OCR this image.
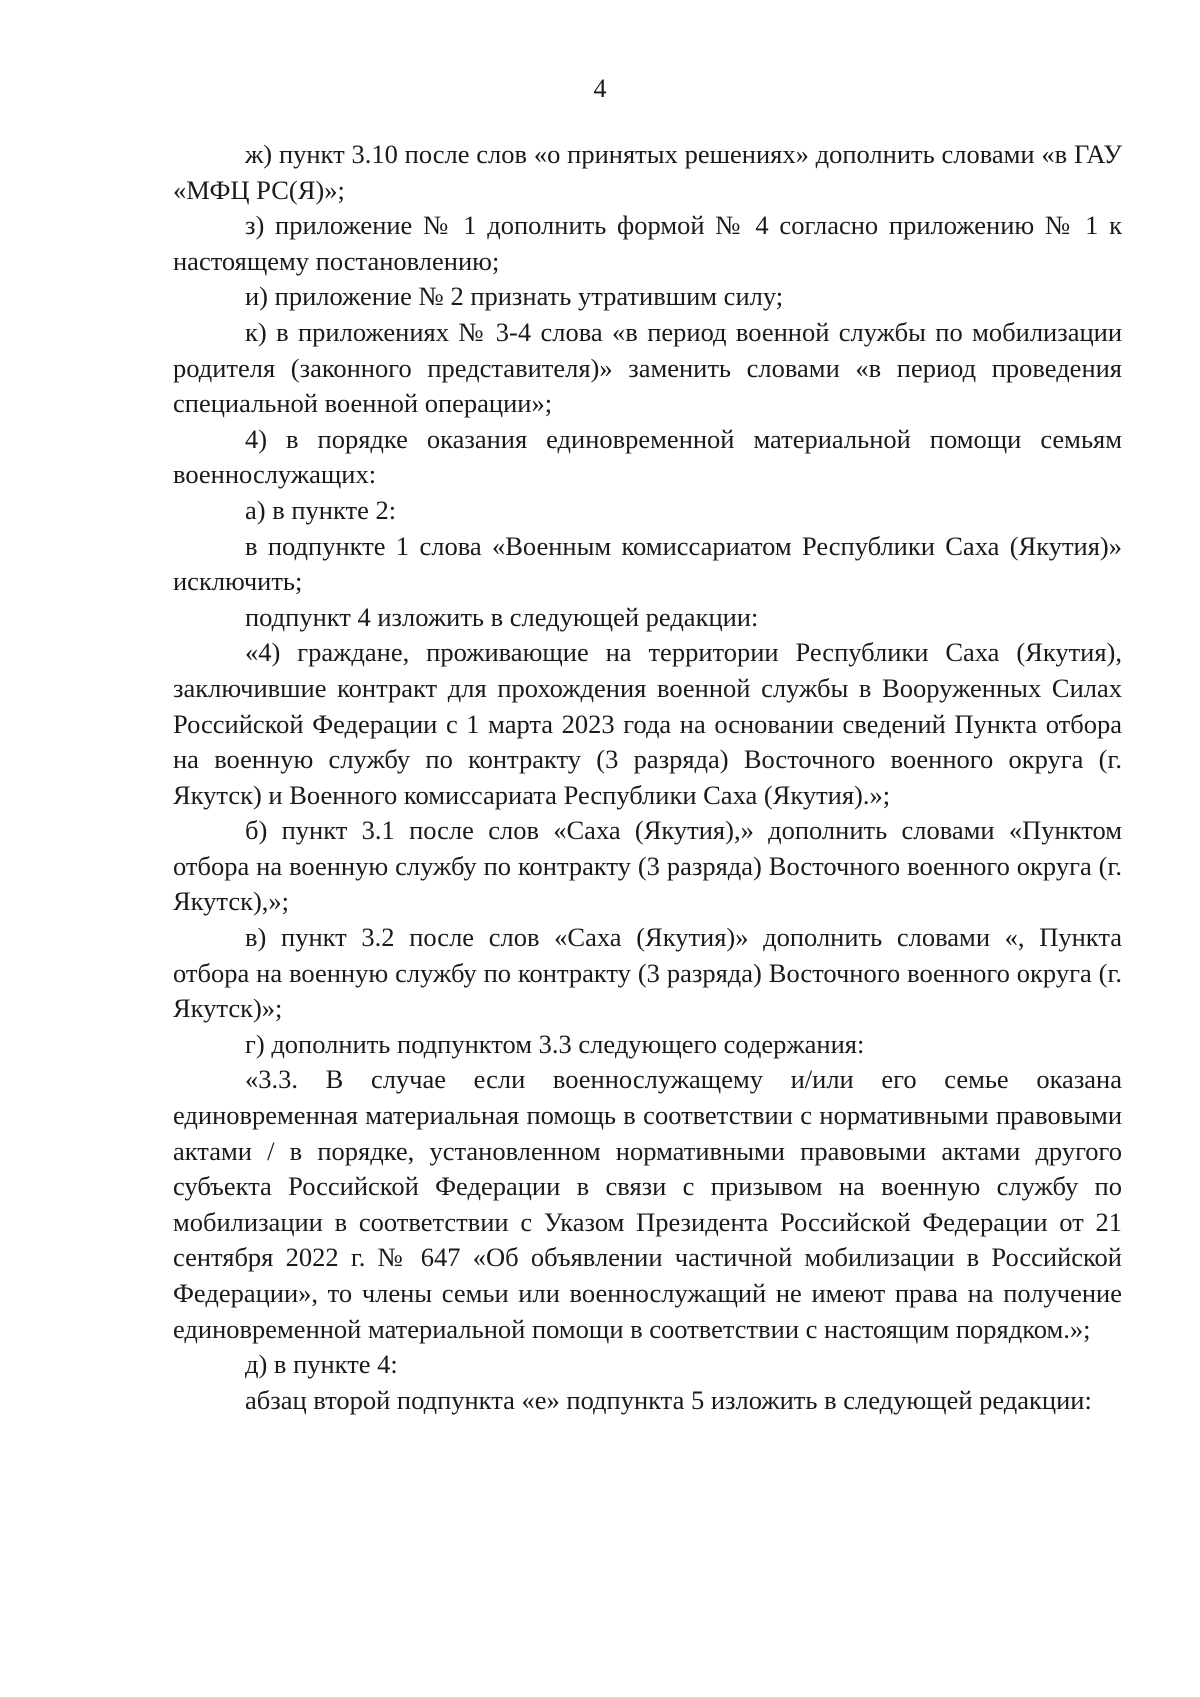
4

ж) пункт 3.10 после слов «о принятых решениях» дополнить словами «в ГАУ «МФЦ РС(Я)»;

з) приложение № 1 дополнить формой № 4 согласно приложению № 1 к настоящему постановлению;

и) приложение № 2 признать утратившим силу;

к) в приложениях № 3-4 слова «в период военной службы по мобилизации родителя (законного представителя)» заменить словами «в период проведения специальной военной операции»;

4) в порядке оказания единовременной материальной помощи семьям военнослужащих:

а) в пункте 2:

в подпункте 1 слова «Военным комиссариатом Республики Саха (Якутия)» исключить;

подпункт 4 изложить в следующей редакции:

«4) граждане, проживающие на территории Республики Саха (Якутия), заключившие контракт для прохождения военной службы в Вооруженных Силах Российской Федерации с 1 марта 2023 года на основании сведений Пункта отбора на военную службу по контракту (3 разряда) Восточного военного округа (г. Якутск) и Военного комиссариата Республики Саха (Якутия).»;

б) пункт 3.1 после слов «Саха (Якутия),» дополнить словами «Пунктом отбора на военную службу по контракту (3 разряда) Восточного военного округа (г. Якутск),»;

в) пункт 3.2 после слов «Саха (Якутия)» дополнить словами «, Пункта отбора на военную службу по контракту (3 разряда) Восточного военного округа (г. Якутск)»;

г) дополнить подпунктом 3.3 следующего содержания:

«3.3. В случае если военнослужащему и/или его семье оказана единовременная материальная помощь в соответствии с нормативными правовыми актами / в порядке, установленном нормативными правовыми актами другого субъекта Российской Федерации в связи с призывом на военную службу по мобилизации в соответствии с Указом Президента Российской Федерации от 21 сентября 2022 г. № 647 «Об объявлении частичной мобилизации в Российской Федерации», то члены семьи или военнослужащий не имеют права на получение единовременной материальной помощи в соответствии с настоящим порядком.»;

д) в пункте 4:

абзац второй подпункта «е» подпункта 5 изложить в следующей редакции:
